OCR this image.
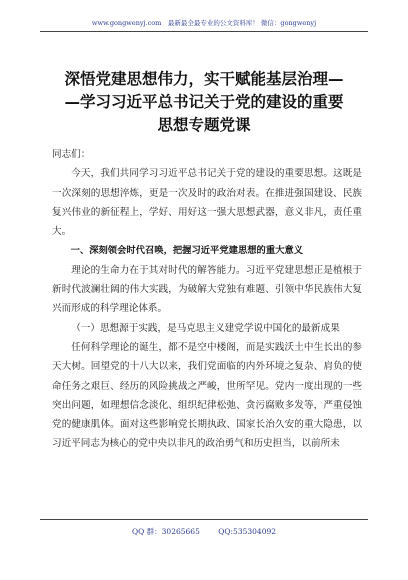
www.gongwenyj.com　最新最全最专业的公文资料库！ 微信：gongwenyj
深悟党建思想伟力，实干赋能基层治理—
—学习习近平总书记关于党的建设的重要
思想专题党课

同志们：

今天，我们共同学习习近平总书记关于党的建设的重要思想。这既是一次深刻的思想淬炼，更是一次及时的政治对表。在推进强国建设、民族复兴伟业的新征程上，学好、用好这一强大思想武器，意义非凡，责任重大。

一、深刻领会时代召唤，把握习近平党建思想的重大意义

理论的生命力在于其对时代的解答能力。习近平党建思想正是植根于新时代波澜壮阔的伟大实践，为破解大党独有难题、引领中华民族伟大复兴而形成的科学理论体系。

（一）思想源于实践，是马克思主义建党学说中国化的最新成果

任何科学理论的诞生，都不是空中楼阁，而是实践沃土中生长出的参天大树。回望党的十八大以来，我们党面临的内外环境之复杂、肩负的使命任务之艰巨、经历的风险挑战之严峻，世所罕见。党内一度出现的一些突出问题，如理想信念淡化、组织纪律松弛、贪污腐败多发等，严重侵蚀党的健康肌体。面对这些影响党长期执政、国家长治久安的重大隐患，以习近平同志为核心的党中央以非凡的政治勇气和历史担当，以前所未

QQ 群：30265665 QQ:535304092
